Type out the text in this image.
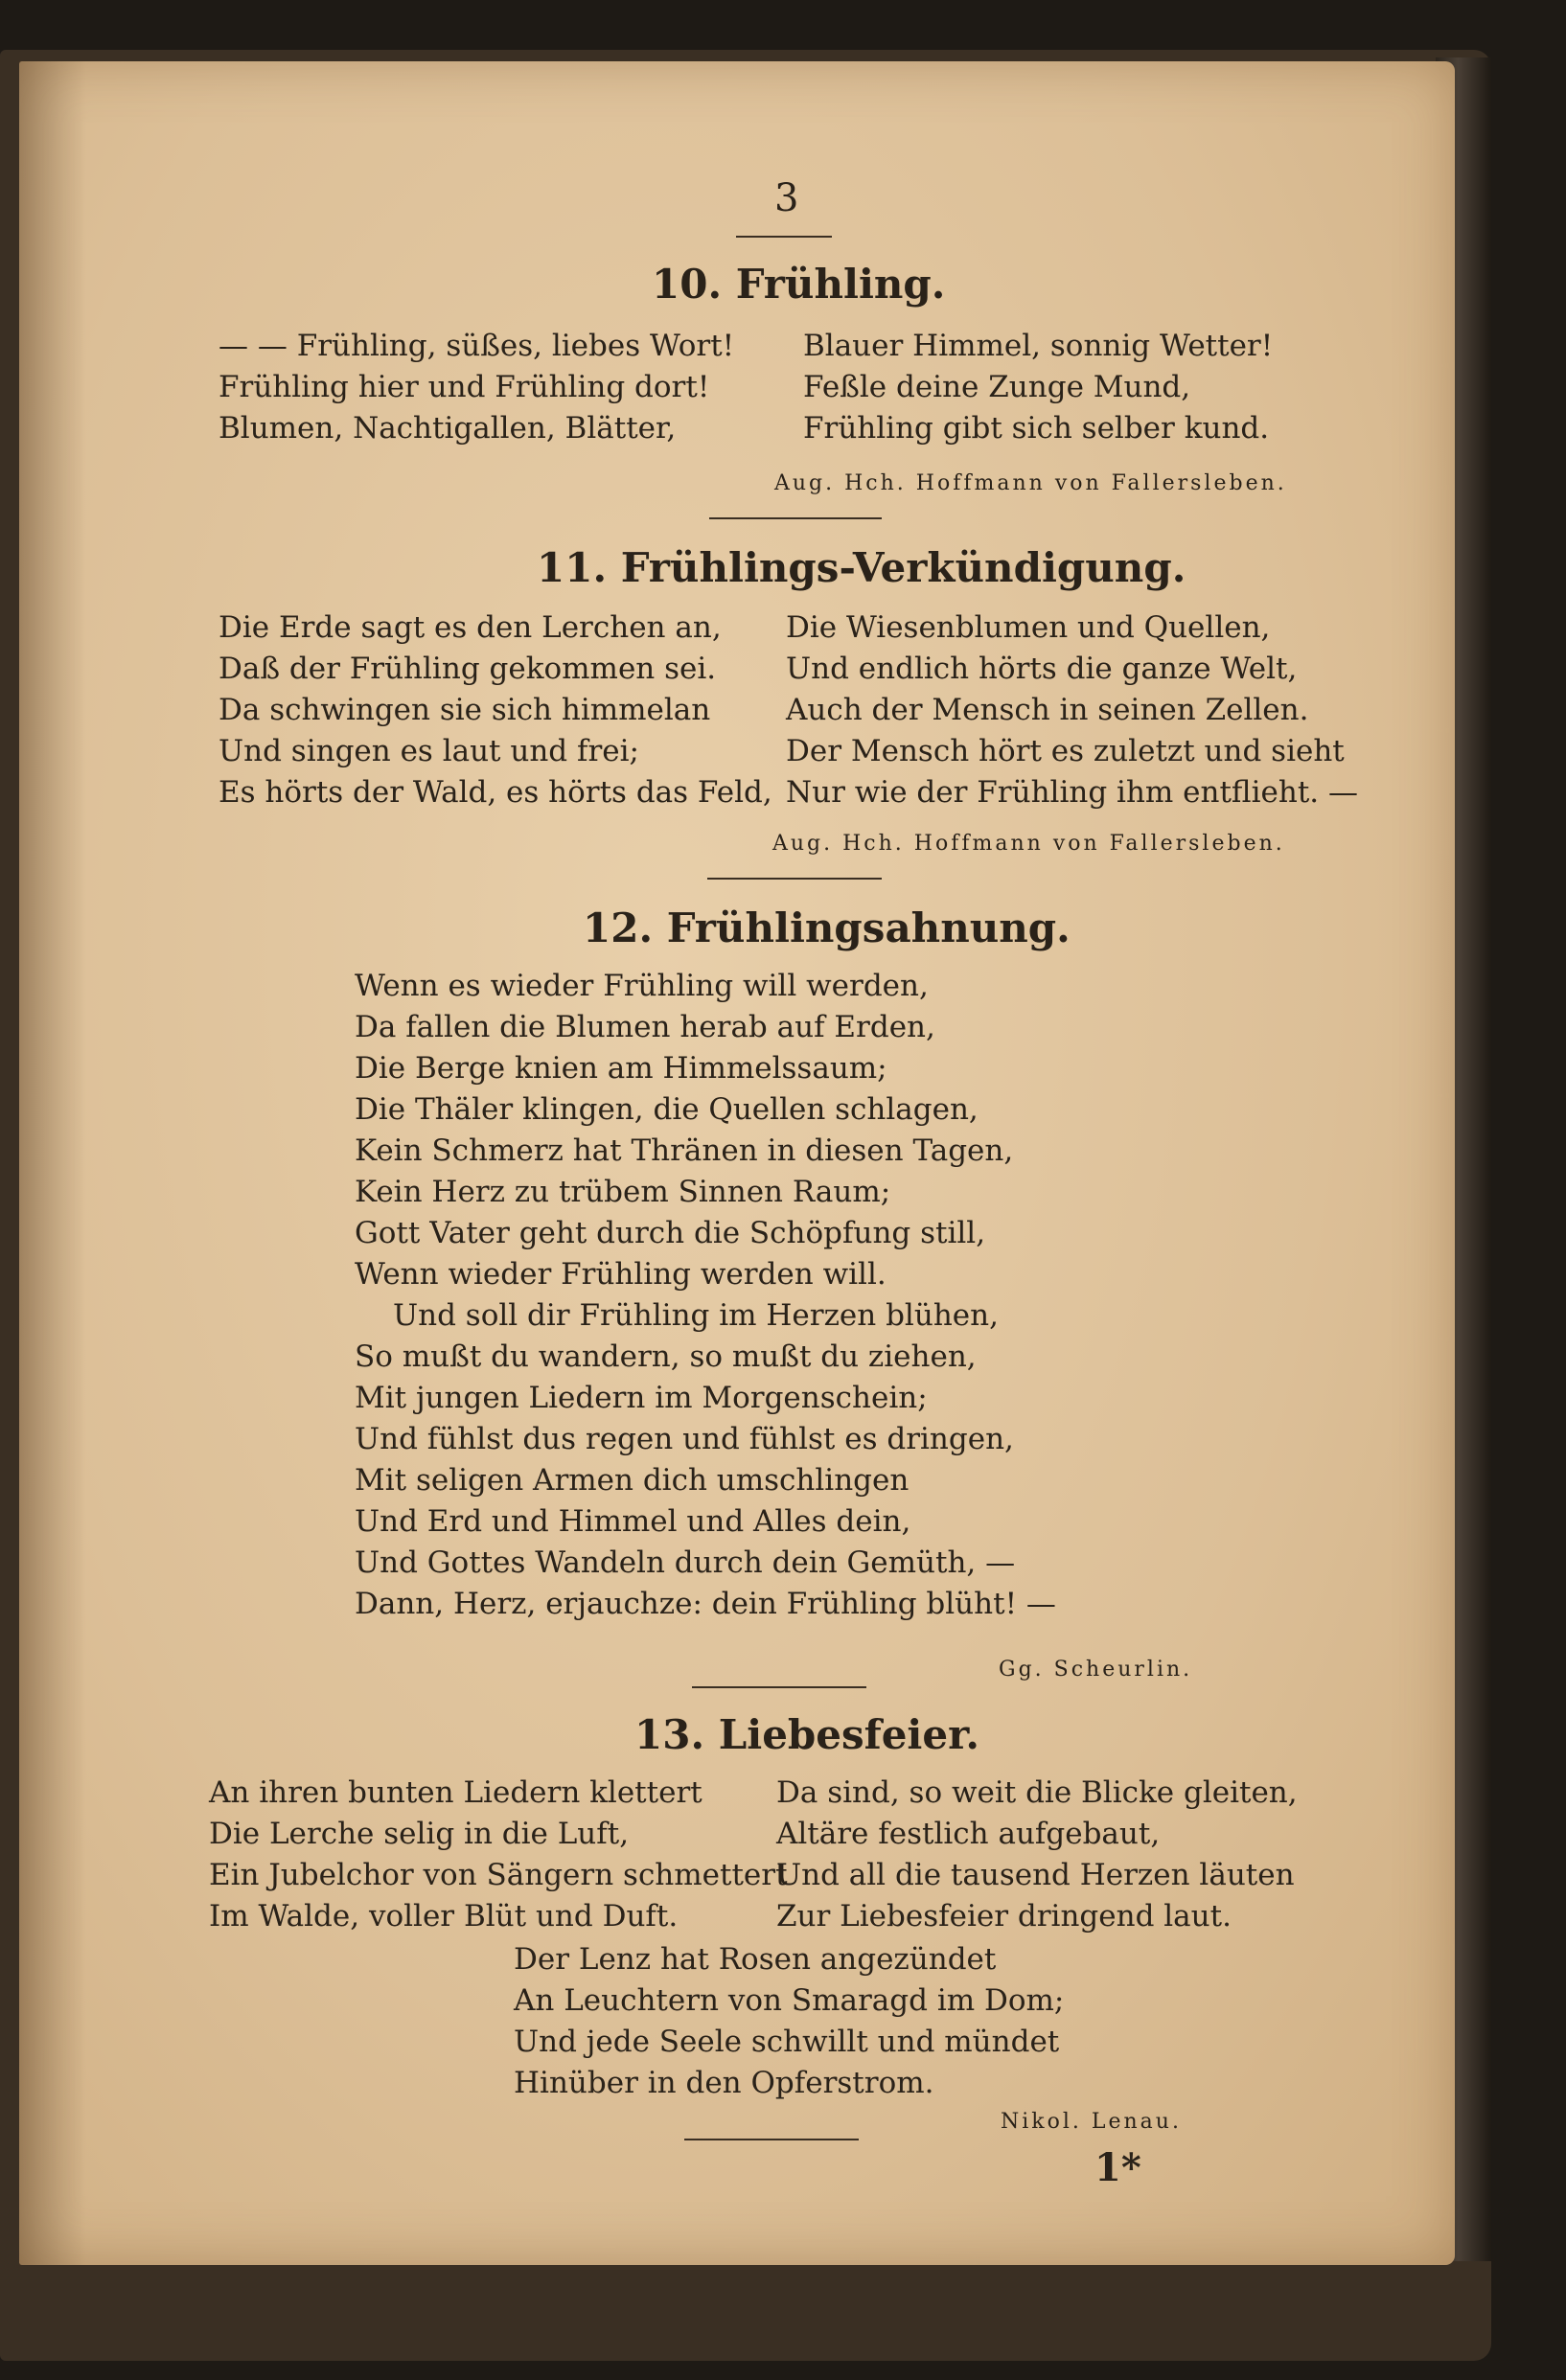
3
10. Frühling.
— — Frühling, süßes, liebes Wort!
Frühling hier und Frühling dort!
Blumen, Nachtigallen, Blätter,
Blauer Himmel, sonnig Wetter!
Feßle deine Zunge Mund,
Frühling gibt sich selber kund.
Aug. Hch. Hoffmann von Fallersleben.
11. Frühlings-Verkündigung.
Die Erde sagt es den Lerchen an,
Daß der Frühling gekommen sei.
Da schwingen sie sich himmelan
Und singen es laut und frei;
Es hörts der Wald, es hörts das Feld,
Die Wiesenblumen und Quellen,
Und endlich hörts die ganze Welt,
Auch der Mensch in seinen Zellen.
Der Mensch hört es zuletzt und sieht
Nur wie der Frühling ihm entflieht. —
Aug. Hch. Hoffmann von Fallersleben.
12. Frühlingsahnung.
Wenn es wieder Frühling will werden,
Da fallen die Blumen herab auf Erden,
Die Berge knien am Himmelssaum;
Die Thäler klingen, die Quellen schlagen,
Kein Schmerz hat Thränen in diesen Tagen,
Kein Herz zu trübem Sinnen Raum;
Gott Vater geht durch die Schöpfung still,
Wenn wieder Frühling werden will.
Und soll dir Frühling im Herzen blühen,
So mußt du wandern, so mußt du ziehen,
Mit jungen Liedern im Morgenschein;
Und fühlst dus regen und fühlst es dringen,
Mit seligen Armen dich umschlingen
Und Erd und Himmel und Alles dein,
Und Gottes Wandeln durch dein Gemüth, —
Dann, Herz, erjauchze: dein Frühling blüht! —
Gg. Scheurlin.
13. Liebesfeier.
An ihren bunten Liedern klettert
Die Lerche selig in die Luft,
Ein Jubelchor von Sängern schmettert
Im Walde, voller Blüt und Duft.
Da sind, so weit die Blicke gleiten,
Altäre festlich aufgebaut,
Und all die tausend Herzen läuten
Zur Liebesfeier dringend laut.
Der Lenz hat Rosen angezündet
An Leuchtern von Smaragd im Dom;
Und jede Seele schwillt und mündet
Hinüber in den Opferstrom.
Nikol. Lenau.
1*
